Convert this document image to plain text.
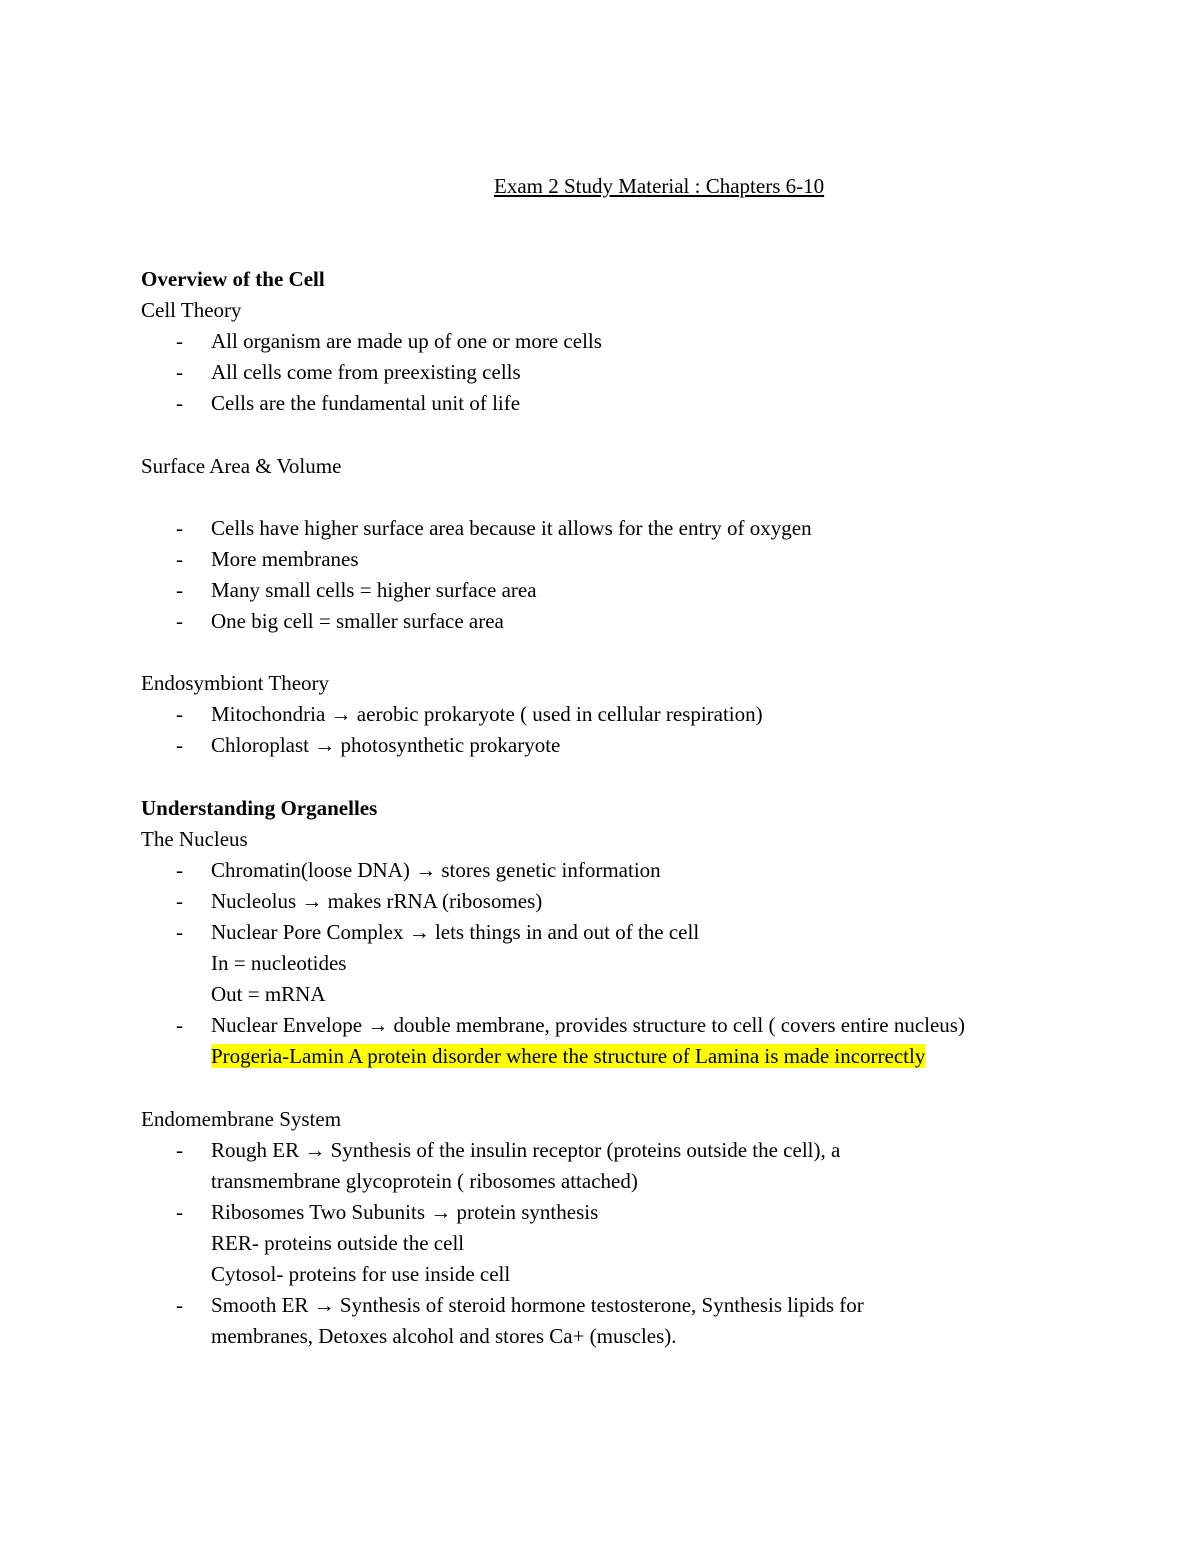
Exam 2 Study Material : Chapters 6-10
Overview of the Cell
Cell Theory
- All organism are made up of one or more cells
- All cells come from preexisting cells
- Cells are the fundamental unit of life
Surface Area & Volume
- Cells have higher surface area because it allows for the entry of oxygen
- More membranes
- Many small cells = higher surface area
- One big cell = smaller surface area
Endosymbiont Theory
- Mitochondria → aerobic prokaryote ( used in cellular respiration)
- Chloroplast → photosynthetic prokaryote
Understanding Organelles
The Nucleus
- Chromatin(loose DNA) → stores genetic information
- Nucleolus → makes rRNA (ribosomes)
- Nuclear Pore Complex → lets things in and out of the cell
In = nucleotides
Out = mRNA
- Nuclear Envelope → double membrane, provides structure to cell ( covers entire nucleus)
Progeria-Lamin A protein disorder where the structure of Lamina is made incorrectly
Endomembrane System
- Rough ER → Synthesis of the insulin receptor (proteins outside the cell), a
transmembrane glycoprotein ( ribosomes attached)
- Ribosomes Two Subunits → protein synthesis
RER- proteins outside the cell
Cytosol- proteins for use inside cell
- Smooth ER → Synthesis of steroid hormone testosterone, Synthesis lipids for
membranes, Detoxes alcohol and stores Ca+ (muscles).
